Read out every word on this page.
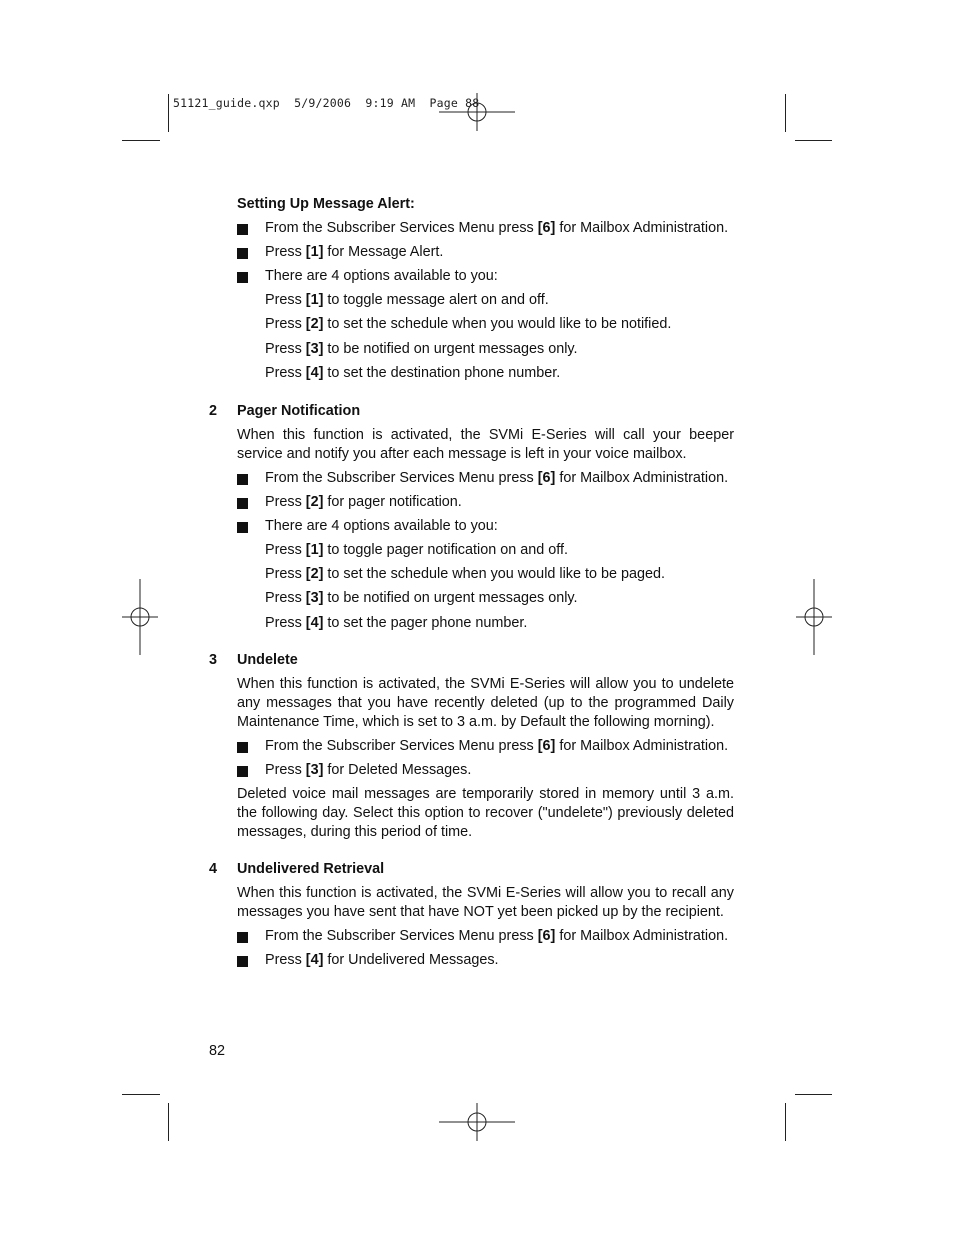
51121_guide.qxp  5/9/2006  9:19 AM  Page 88
Setting Up Message Alert:
From the Subscriber Services Menu press [6] for Mailbox Administration.
Press [1] for Message Alert.
There are 4 options available to you:
Press [1] to toggle message alert on and off.
Press [2] to set the schedule when you would like to be notified.
Press [3] to be notified on urgent messages only.
Press [4] to set the destination phone number.
2 Pager Notification
When this function is activated, the SVMi E-Series will call your beeper service and notify you after each message is left in your voice mailbox.
From the Subscriber Services Menu press [6] for Mailbox Administration.
Press [2] for pager notification.
There are 4 options available to you:
Press [1] to toggle pager notification on and off.
Press [2] to set the schedule when you would like to be paged.
Press [3] to be notified on urgent messages only.
Press [4] to set the pager phone number.
3 Undelete
When this function is activated, the SVMi E-Series will allow you to undelete any messages that you have recently deleted (up to the programmed Daily Maintenance Time, which is set to 3 a.m. by Default the following morning).
From the Subscriber Services Menu press [6] for Mailbox Administration.
Press [3] for Deleted Messages.
Deleted voice mail messages are temporarily stored in memory until 3 a.m. the following day. Select this option to recover ("undelete") previously deleted messages, during this period of time.
4 Undelivered Retrieval
When this function is activated, the SVMi E-Series will allow you to recall any messages you have sent that have NOT yet been picked up by the recipient.
From the Subscriber Services Menu press [6] for Mailbox Administration.
Press [4] for Undelivered Messages.
82
